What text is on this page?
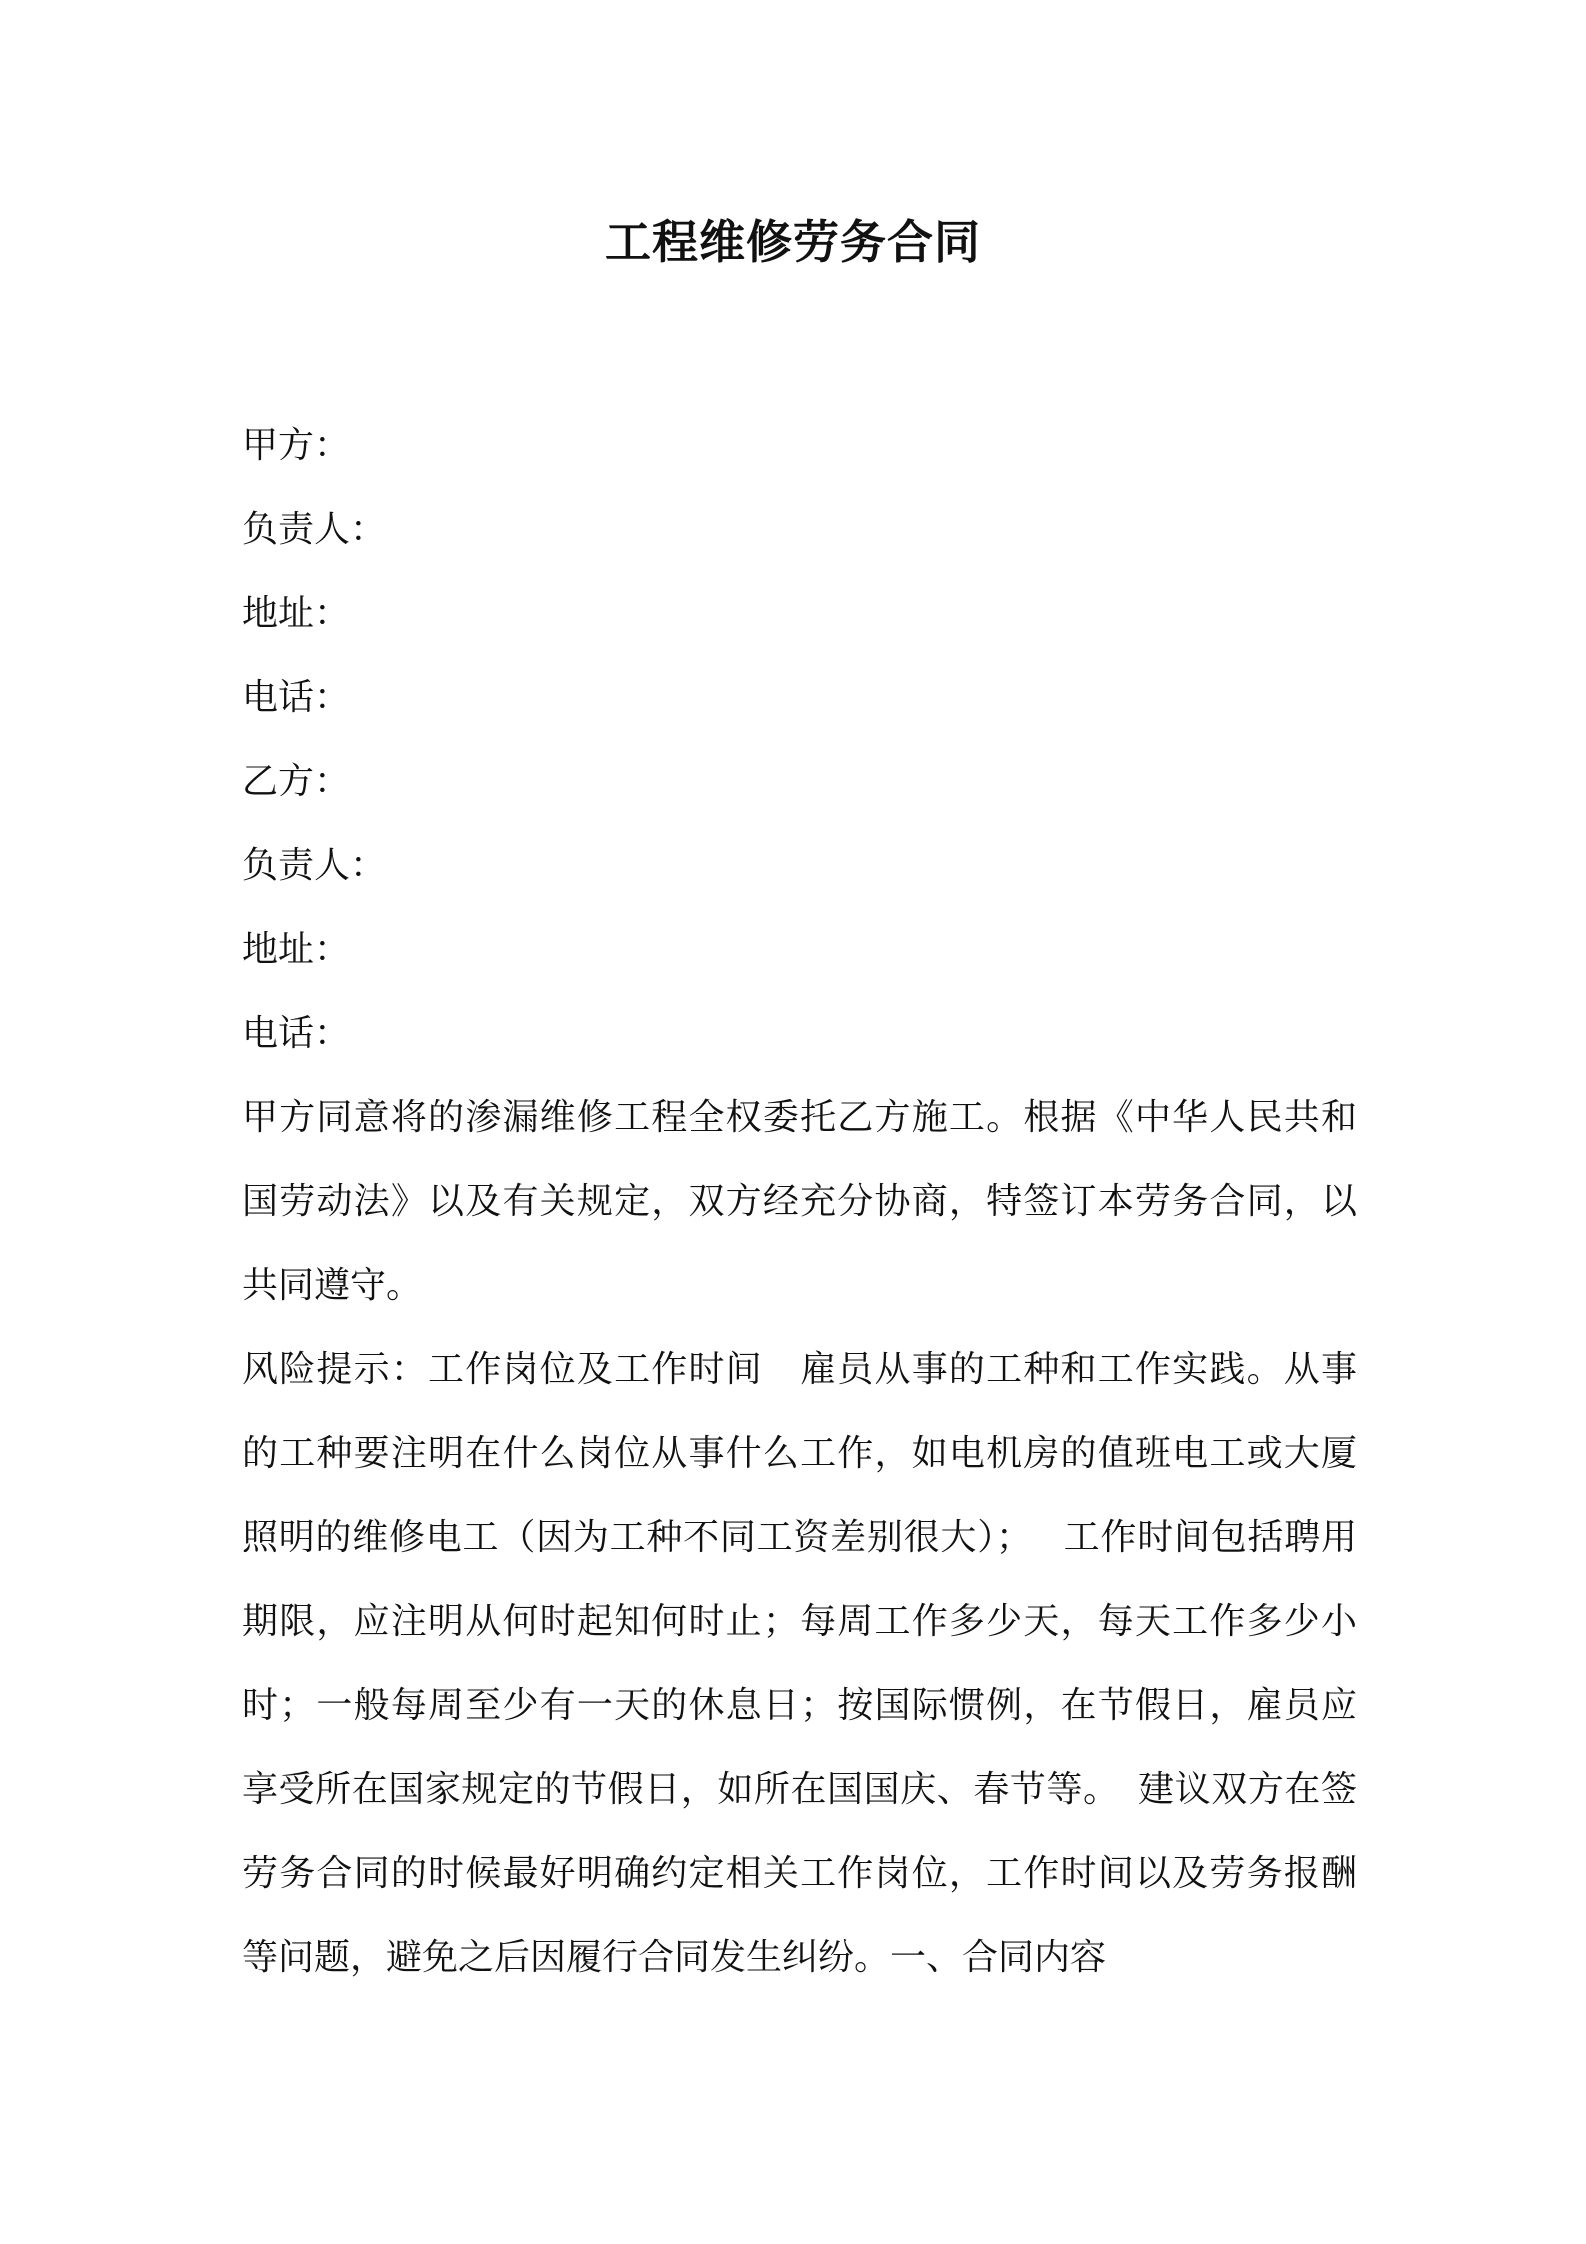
工程维修劳务合同
甲方：
负责人：
地址：
电话：
乙方：
负责人：
地址：
电话：

甲方同意将的渗漏维修工程全权委托乙方施工。根据《中华人民共和国劳动法》以及有关规定，双方经充分协商，特签订本劳务合同，以共同遵守。

风险提示：工作岗位及工作时间　雇员从事的工种和工作实践。从事的工种要注明在什么岗位从事什么工作，如电机房的值班电工或大厦照明的维修电工（因为工种不同工资差别很大）；　 工作时间包括聘用期限，应注明从何时起知何时止；每周工作多少天，每天工作多少小时；一般每周至少有一天的休息日；按国际惯例，在节假日，雇员应享受所在国家规定的节假日，如所在国国庆、春节等。　建议双方在签劳务合同的时候最好明确约定相关工作岗位，工作时间以及劳务报酬等问题，避免之后因履行合同发生纠纷。一、合同内容
